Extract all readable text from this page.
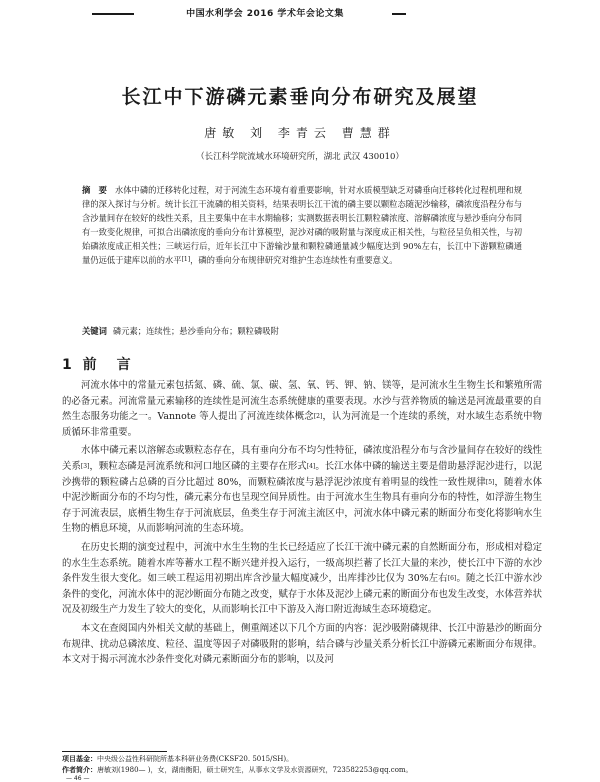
中国水利学会 2016 学术年会论文集
长江中下游磷元素垂向分布研究及展望
唐敏 刘 李青云 曹慧群
（长江科学院流域水环境研究所，湖北 武汉 430010）
摘　要 水体中磷的迁移转化过程，对于河流生态环境有着重要影响，针对水质模型缺乏对磷垂向迁移转化过程机理和规律的深入探讨与分析。统计长江干流磷的相关资料，结果表明长江干流的磷主要以颗粒态随泥沙输移，磷浓度沿程分布与含沙量间存在较好的线性关系，且主要集中在丰水期输移；实测数据表明长江颗粒磷浓度、溶解磷浓度与悬沙垂向分布同有一致变化规律，可拟合出磷浓度的垂向分布计算模型，泥沙对磷的吸附量与深度成正相关性，与粒径呈负相关性，与初始磷浓度成正相关性；三峡运行后，近年长江中下游输沙量和颗粒磷通量减少幅度达到 90%左右，长江中下游颗粒磷通量仍远低于建库以前的水平[1]，磷的垂向分布规律研究对维护生态连续性有重要意义。
关键词 磷元素；连续性；悬沙垂向分布；颗粒磷吸附
1 前　言

河流水体中的常量元素包括氮、磷、硫、氯、碳、氢、氧、钙、钾、钠、镁等，是河流水生生物生长和繁殖所需的必备元素。河流常量元素输移的连续性是河流生态系统健康的重要表现。水沙与营养物质的输送是河流最重要的自然生态服务功能之一。Vannote 等人提出了河流连续体概念[2]，认为河流是一个连续的系统，对水域生态系统中物质循环非常重要。

水体中磷元素以溶解态或颗粒态存在，具有垂向分布不均匀性特征，磷浓度沿程分布与含沙量间存在较好的线性关系[3]，颗粒态磷是河流系统和河口地区磷的主要存在形式[4]。长江水体中磷的输送主要是借助悬浮泥沙进行，以泥沙携带的颗粒磷占总磷的百分比超过 80%，而颗粒磷浓度与悬浮泥沙浓度有着明显的线性一致性规律[5]，随着水体中泥沙断面分布的不均匀性，磷元素分布也呈现空间异质性。由于河流水生生物具有垂向分布的特性，如浮游生物生存于河流表层，底栖生物生存于河流底层，鱼类生存于河流主流区中，河流水体中磷元素的断面分布变化将影响水生生物的栖息环境，从而影响河流的生态环境。

在历史长期的演变过程中，河流中水生生物的生长已经适应了长江干流中磷元素的自然断面分布，形成相对稳定的水生生态系统。随着水库等蓄水工程不断兴建并投入运行，一级高坝拦蓄了长江大量的来沙，使长江中下游的水沙条件发生很大变化。如三峡工程运用初期出库含沙量大幅度减少，出库排沙比仅为 30%左右[6]。随之长江中游水沙条件的变化，河流水体中的泥沙断面分布随之改变，赋存于水体及泥沙上磷元素的断面分布也发生改变，水体营养状况及初级生产力发生了较大的变化，从而影响长江中下游及入海口附近海域生态环境稳定。

本文在查阅国内外相关文献的基础上，侧重阐述以下几个方面的内容：泥沙吸附磷规律、长江中游悬沙的断面分布规律、扰动总磷浓度、粒径、温度等因子对磷吸附的影响，结合磷与沙量关系分析长江中游磷元素断面分布规律。本文对于揭示河流水沙条件变化对磷元素断面分布的影响，以及河

项目基金：中央级公益性科研院所基本科研业务费(CKSF20. 5015/SH)。
作者简介：唐敏刘(1980— )，女，湖南衡阳，硕士研究生，从事水文学及水资源研究，723582253@qq.com。
— 46 —
